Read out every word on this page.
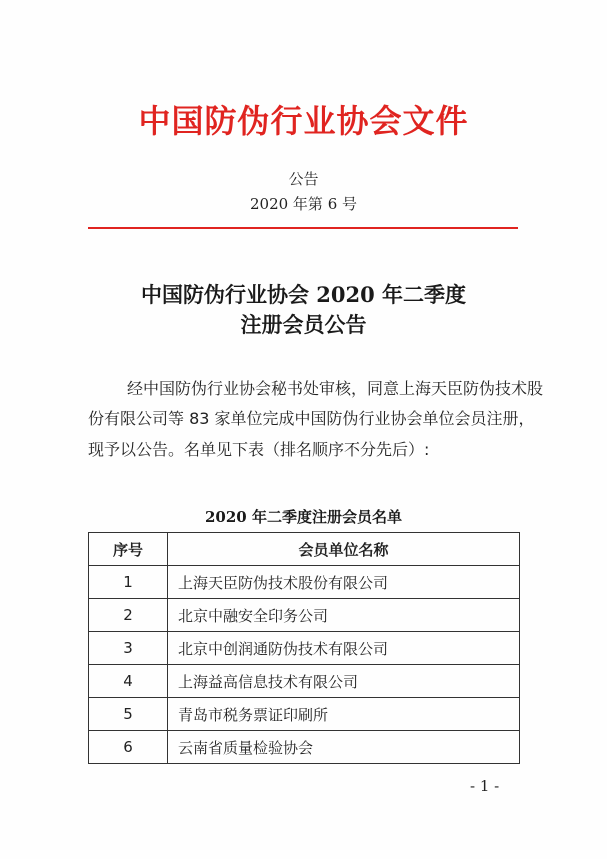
中国防伪行业协会文件
公告
2020 年第 6 号
中国防伪行业协会 2020 年二季度
注册会员公告
经中国防伪行业协会秘书处审核，同意上海天臣防伪技术股
份有限公司等 83 家单位完成中国防伪行业协会单位会员注册，
现予以公告。名单见下表（排名顺序不分先后）:
2020 年二季度注册会员名单
序号	会员单位名称
1	上海天臣防伪技术股份有限公司
2	北京中融安全印务公司
3	北京中创润通防伪技术有限公司
4	上海益高信息技术有限公司
5	青岛市税务票证印刷所
6	云南省质量检验协会
- 1 -
